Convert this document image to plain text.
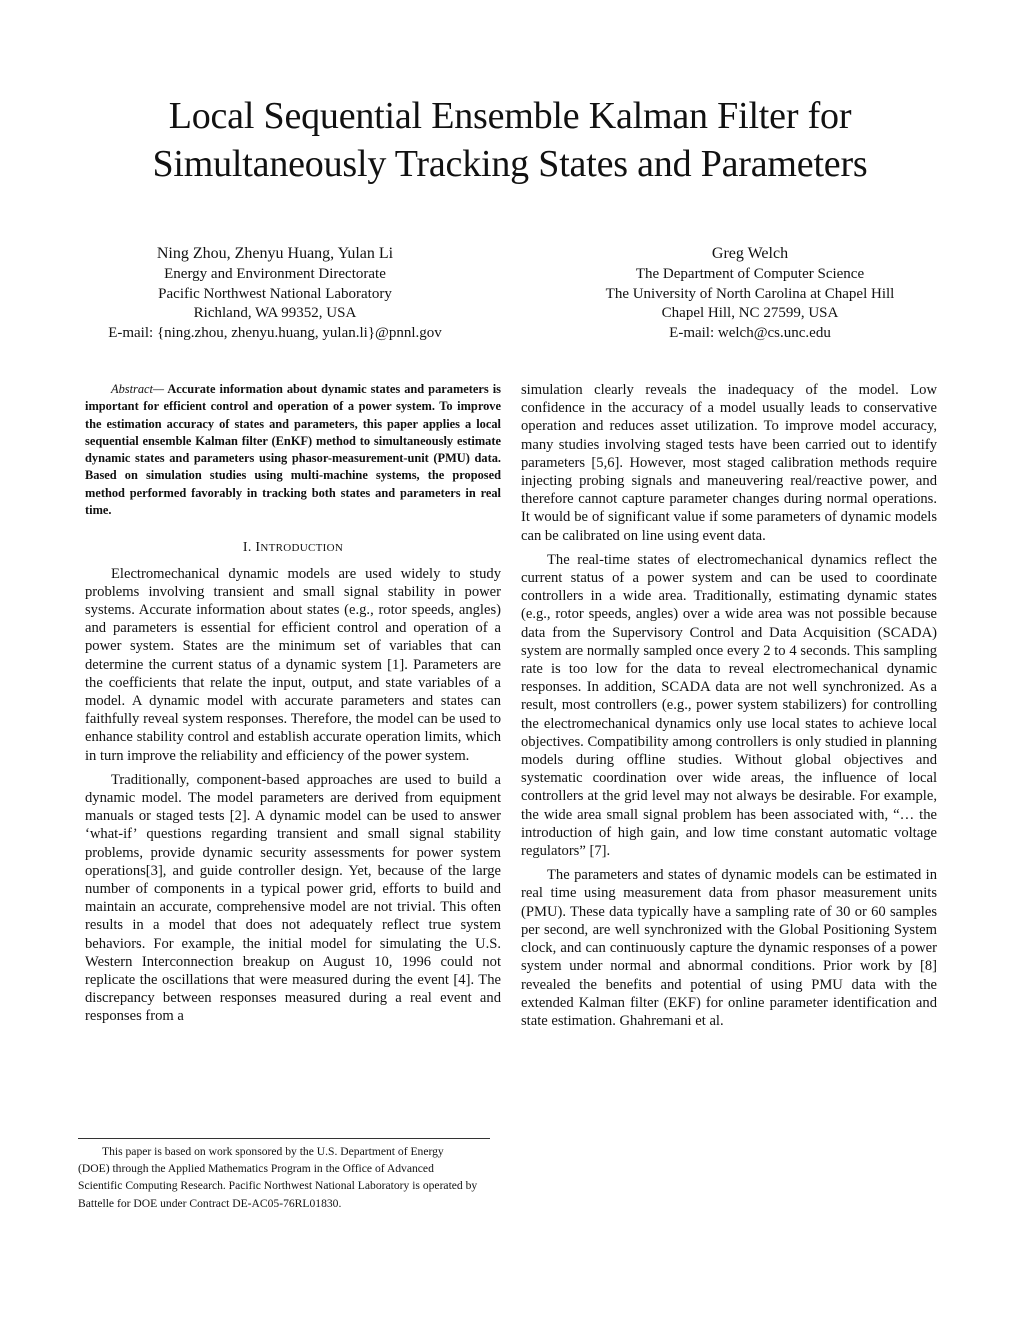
Local Sequential Ensemble Kalman Filter for
Simultaneously Tracking States and Parameters
Ning Zhou, Zhenyu Huang, Yulan Li
Energy and Environment Directorate
Pacific Northwest National Laboratory
Richland, WA 99352, USA
E-mail: {ning.zhou, zhenyu.huang, yulan.li}@pnnl.gov
Greg Welch
The Department of Computer Science
The University of North Carolina at Chapel Hill
Chapel Hill, NC 27599, USA
E-mail: welch@cs.unc.edu

Abstract— Accurate information about dynamic states and parameters is important for efficient control and operation of a power system. To improve the estimation accuracy of states and parameters, this paper applies a local sequential ensemble Kalman filter (EnKF) method to simultaneously estimate dynamic states and parameters using phasor-measurement-unit (PMU) data. Based on simulation studies using multi-machine systems, the proposed method performed favorably in tracking both states and parameters in real time.

I. INTRODUCTION

Electromechanical dynamic models are used widely to study problems involving transient and small signal stability in power systems. Accurate information about states (e.g., rotor speeds, angles) and parameters is essential for efficient control and operation of a power system. States are the minimum set of variables that can determine the current status of a dynamic system [1]. Parameters are the coefficients that relate the input, output, and state variables of a model. A dynamic model with accurate parameters and states can faithfully reveal system responses. Therefore, the model can be used to enhance stability control and establish accurate operation limits, which in turn improve the reliability and efficiency of the power system.

Traditionally, component-based approaches are used to build a dynamic model. The model parameters are derived from equipment manuals or staged tests [2]. A dynamic model can be used to answer ‘what-if’ questions regarding transient and small signal stability problems, provide dynamic security assessments for power system operations[3], and guide controller design. Yet, because of the large number of components in a typical power grid, efforts to build and maintain an accurate, comprehensive model are not trivial. This often results in a model that does not adequately reflect true system behaviors. For example, the initial model for simulating the U.S. Western Interconnection breakup on August 10, 1996 could not replicate the oscillations that were measured during the event [4]. The discrepancy between responses measured during a real event and responses from a

simulation clearly reveals the inadequacy of the model. Low confidence in the accuracy of a model usually leads to conservative operation and reduces asset utilization. To improve model accuracy, many studies involving staged tests have been carried out to identify parameters [5,6]. However, most staged calibration methods require injecting probing signals and maneuvering real/reactive power, and therefore cannot capture parameter changes during normal operations. It would be of significant value if some parameters of dynamic models can be calibrated on line using event data.

The real-time states of electromechanical dynamics reflect the current status of a power system and can be used to coordinate controllers in a wide area. Traditionally, estimating dynamic states (e.g., rotor speeds, angles) over a wide area was not possible because data from the Supervisory Control and Data Acquisition (SCADA) system are normally sampled once every 2 to 4 seconds. This sampling rate is too low for the data to reveal electromechanical dynamic responses. In addition, SCADA data are not well synchronized. As a result, most controllers (e.g., power system stabilizers) for controlling the electromechanical dynamics only use local states to achieve local objectives. Compatibility among controllers is only studied in planning models during offline studies. Without global objectives and systematic coordination over wide areas, the influence of local controllers at the grid level may not always be desirable. For example, the wide area small signal problem has been associated with, “… the introduction of high gain, and low time constant automatic voltage regulators” [7].

The parameters and states of dynamic models can be estimated in real time using measurement data from phasor measurement units (PMU). These data typically have a sampling rate of 30 or 60 samples per second, are well synchronized with the Global Positioning System clock, and can continuously capture the dynamic responses of a power system under normal and abnormal conditions. Prior work by [8] revealed the benefits and potential of using PMU data with the extended Kalman filter (EKF) for online parameter identification and state estimation. Ghahremani et al.

This paper is based on work sponsored by the U.S. Department of Energy (DOE) through the Applied Mathematics Program in the Office of Advanced Scientific Computing Research. Pacific Northwest National Laboratory is operated by Battelle for DOE under Contract DE-AC05-76RL01830.
